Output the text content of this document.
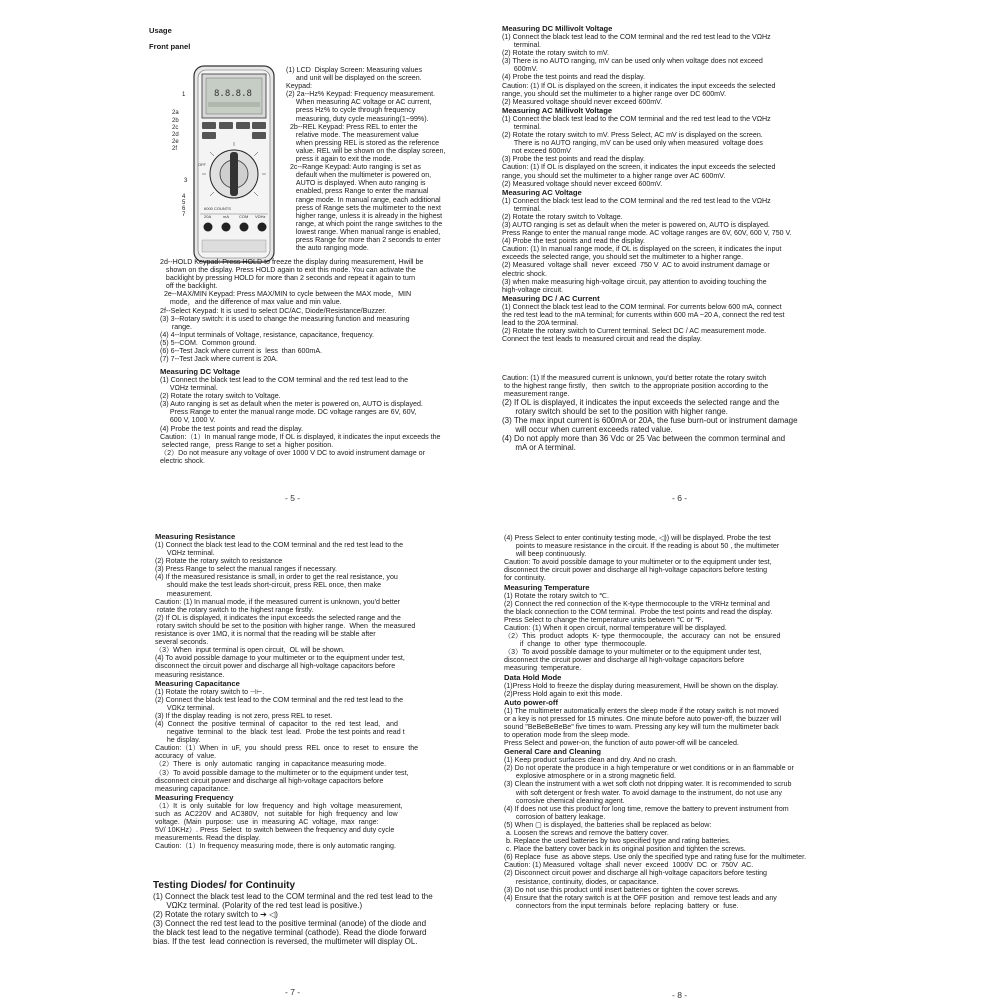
Usage
Front panel
8.8.8.8
6000 COUNTS
OFF
20A	mA	COM VΩHz
1
2a
2b
2c
2d
2e
2f
3
4
5
6
7

(1) LCD  Display Screen: Measuring values

and unit will be displayed on the screen.

Keypad:

(2) 2a--Hz% Keypad: Frequency measurement.

When measuring AC voltage or AC current,

press Hz% to cycle through frequency

measuring, duty cycle measuring(1~99%).

2b--REL Keypad: Press REL to enter the

relative mode. The measurement value

when pressing REL is stored as the reference

value. REL will be shown on the display screen,

press it again to exit the mode.

2c--Range Keypad: Auto ranging is set as

default when the multimeter is powered on,

AUTO is displayed. When auto ranging is

enabled, press Range to enter the manual

range mode. In manual range, each additional

press of Range sets the multimeter to the next

higher range, unless it is already in the highest

range, at which point the range switches to the

lowest range. When manual range is enabled,

press Range for more than 2 seconds to enter

the auto ranging mode.

2d--HOLD Keypad: Press HOLD to freeze the display during measurement, Hwill be

shown on the display. Press HOLD again to exit this mode. You can activate the

backlight by pressing HOLD for more than 2 seconds and repeat it again to turn

off the backlight.

2e--MAX/MIN Keypad: Press MAX/MIN to cycle between the MAX mode，MIN

mode，and the difference of max value and min value.

2f--Select Keypad: It is used to select DC/AC, Diode/Resistance/Buzzer.

(3) 3--Rotary switch: it is used to change the measuring function and measuring

range.

(4) 4--Input terminals of Voltage, resistance, capacitance, frequency.

(5) 5--COM.  Common ground.

(6) 6--Test Jack where current is  less  than 600mA.

(7) 7--Test Jack where current is 20A.

Measuring DC Voltage

(1) Connect the black test lead to the COM terminal and the red test lead to the

VΩHz terminal.

(2) Rotate the rotary switch to Voltage.

(3) Auto ranging is set as default when the meter is powered on, AUTO is displayed.

Press Range to enter the manual range mode. DC voltage ranges are 6V, 60V,

600 V, 1000 V.

(4) Probe the test points and read the display.

Caution:（1）In manual range mode, If OL is displayed, it indicates the input exceeds the

selected range，press Range to set a  higher position.

（2）Do not measure any voltage of over 1000 V DC to avoid instrument damage or

electric shock.

- 5 -
Measuring DC Millivolt Voltage

(1) Connect the black test lead to the COM terminal and the red test lead to the VΩHz

terminal.

(2) Rotate the rotary switch to mV.

(3) There is no AUTO ranging, mV can be used only when voltage does not exceed

600mV.

(4) Probe the test points and read the display.

Caution: (1) If OL is displayed on the screen, it indicates the input exceeds the selected

range, you should set the multimeter to a higher range over DC 600mV.

(2) Measured voltage should never exceed 600mV.

Measuring AC Millivolt Voltage

(1) Connect the black test lead to the COM terminal and the red test lead to the VΩHz

terminal.

(2) Rotate the rotary switch to mV. Press Select, AC mV is displayed on the screen.

There is no AUTO ranging, mV can be used only when measured  voltage does

not exceed 600mV

(3) Probe the test points and read the display.

Caution: (1) If OL is displayed on the screen, it indicates the input exceeds the selected

range, you should set the multimeter to a higher range over AC 600mV.

(2) Measured voltage should never exceed 600mV.

Measuring AC Voltage

(1) Connect the black test lead to the COM terminal and the red test lead to the VΩHz

terminal.

(2) Rotate the rotary switch to Voltage.

(3) AUTO ranging is set as default when the meter is powered on, AUTO is displayed.

Press Range to enter the manual range mode. AC voltage ranges are 6V, 60V, 600 V, 750 V.

(4) Probe the test points and read the display.

Caution: (1) In manual range mode, if OL is displayed on the screen, it indicates the input

exceeds the selected range, you should set the multimeter to a higher range.

(2) Measured  voltage shall  never  exceed  750 V  AC to avoid instrument damage or

electric shock.

(3) when make measuring high-voltage circuit, pay attention to avoiding touching the

high-voltage circuit.

Measuring DC / AC Current

(1) Connect the black test lead to the COM terminal. For currents below 600 mA, connect

the red test lead to the mA terminal; for currents within 600 mA ~20 A, connect the red test

lead to the 20A terminal.

(2) Rotate the rotary switch to Current terminal. Select DC / AC measurement mode.

Connect the test leads to measured circuit and read the display.

Caution: (1) If the measured current is unknown, you'd better rotate the rotary switch

to the highest range firstly，then  switch  to the appropriate position according to the

measurement range.

(2) If OL is displayed, it indicates the input exceeds the selected range and the

rotary switch should be set to the position with higher range.

(3) The max input current is 600mA or 20A, the fuse burn-out or instrument damage

will occur when current exceeds rated value.

(4) Do not apply more than 36 Vdc or 25 Vac between the common terminal and

mA or A terminal.

- 6 -
Measuring Resistance

(1) Connect the black test lead to the COM terminal and the red test lead to the

VΩHz terminal.

(2) Rotate the rotary switch to resistance

(3) Press Range to select the manual ranges if necessary.

(4) If the measured resistance is small, in order to get the real resistance, you

should make the test leads short-circuit, press REL once, then make

measurement.

Caution: (1) In manual mode, if the measured current is unknown, you'd better

rotate the rotary switch to the highest range firstly.

(2) If OL is displayed, it indicates the input exceeds the selected range and the

rotary switch should be set to the position with higher range.  When  the measured

resistance is over 1MΩ, it is normal that the reading will be stable after

several seconds.

（3）When  input terminal is open circuit,  OL will be shown.

(4) To avoid possible damage to your multimeter or to the equipment under test,

disconnect the circuit power and discharge all high-voltage capacitors before

measuring resistance.

Measuring Capacitance

(1) Rotate the rotary switch to ⊣⊢.

(2) Connect the black test lead to the COM terminal and the red test lead to the

VΩKz terminal.

(3) If the display reading  is not zero, press REL to reset.

(4)  Connect  the  positive  terminal  of  capacitor  to  the  red  test  lead,   and

negative  terminal  to  the  black  test  lead.  Probe the test points and read t

he display.

Caution:（1）When  in  uF,  you  should  press  REL  once  to  reset  to  ensure  the

accuracy  of  value.

（2）There  is  only  automatic  ranging  in capacitance measuring mode.

（3）To avoid possible damage to the multimeter or to the equipment under test,

disconnect circuit power and discharge all high-voltage capacitors before

measuring capacitance.

Measuring Frequency

（1）It  is  only  suitable  for  low  frequency  and  high  voltage  measurement,

such  as  AC220V  and  AC380V,   not  suitable  for  high  frequency  and  low

voltage.  (Main  purpose:  use  in  measuring  AC  voltage,  max  range:

5V/ 10KHz）. Press  Select  to switch between the frequency and duty cycle

measurements. Read the display.

Caution:（1）In frequency measuring mode, there is only automatic ranging.

Testing Diodes/ for Continuity

(1) Connect the black test lead to the COM terminal and the red test lead to the

VΩKz terminal. (Polarity of the red test lead is positive.)

(2) Rotate the rotary switch to ➔ ◁)

(3) Connect the red test lead to the positive terminal (anode) of the diode and

the black test lead to the negative terminal (cathode). Read the diode forward

bias. If the test  lead connection is reversed, the multimeter will display OL.

- 7 -

(4) Press Select to enter continuity testing mode, ◁)) will be displayed. Probe the test

points to measure resistance in the circuit. If the reading is about 50 , the multimeter

will beep continuously.

Caution: To avoid possible damage to your multimeter or to the equipment under test,

disconnect the circuit power and discharge all high-voltage capacitors before testing

for continuity.

Measuring Temperature

(1) Rotate the rotary switch to ℃.

(2) Connect the red connection of the K-type thermocouple to the VRHz terminal and

the black connection to the COM terminal.  Probe the test points and read the display.

Press Select to change the temperature units between ℃ or ℉.

Caution: (1) When it open circuit, normal temperature will be displayed.

（2）This  product  adopts  K- type  thermocouple,  the  accuracy  can  not  be  ensured

if  change  to  other  type  thermocouple.

（3）To avoid possible damage to your multimeter or to the equipment under test,

disconnect the circuit power and discharge all high-voltage capacitors before

measuring  temperature.

Data Hold Mode

(1)Press Hold to freeze the display during measurement, Hwill be shown on the display.

(2)Press Hold again to exit this mode.

Auto power-off

(1) The multimeter automatically enters the sleep mode if the rotary switch is not moved

or a key is not pressed for 15 minutes. One minute before auto power-off, the buzzer will

sound "BeBeBeBeBe" five times to warn. Pressing any key will turn the multimeter back

to operation mode from the sleep mode.

Press Select and power-on, the function of auto power-off will be canceled.

General Care and Cleaning

(1) Keep product surfaces clean and dry. And no crash.

(2) Do not operate the produce in a high temperature or wet conditions or in an flammable or

explosive atmosphere or in a strong magnetic field.

(3) Clean the instrument with a wet soft cloth not dripping water. It is recommended to scrub

with soft detergent or fresh water. To avoid damage to the instrument, do not use any

corrosive chemical cleaning agent.

(4) If does not use this product for long time, remove the battery to prevent instrument from

corrosion of battery leakage.

(5) When ▢ is displayed, the batteries shall be replaced as below:

a. Loosen the screws and remove the battery cover.

b. Replace the used batteries by two specified type and rating batteries.

c. Place the battery cover back in its original position and tighten the screws.

(6) Replace  fuse  as above steps. Use only the specified type and rating fuse for the multimeter.

Caution: (1) Measured  voltage  shall  never  exceed  1000V  DC  or  750V  AC.

(2) Disconnect circuit power and discharge all high-voltage capacitors before testing

resistance, continuity, diodes, or capacitance.

(3) Do not use this product until insert batteries or tighten the cover screws.

(4) Ensure that the rotary switch is at the OFF position  and  remove test leads and any

connectors from the input terminals  before  replacing  battery  or  fuse.

- 8 -
